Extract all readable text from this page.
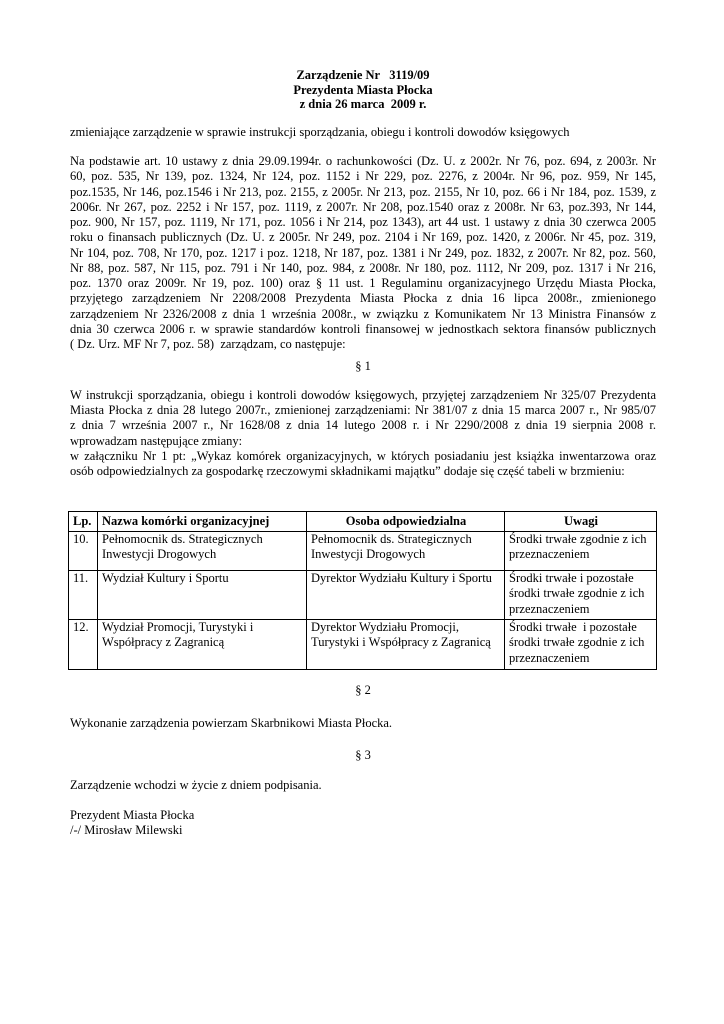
Zarządzenie Nr   3119/09
Prezydenta Miasta Płocka
z dnia 26 marca  2009 r.
zmieniające zarządzenie w sprawie instrukcji sporządzania, obiegu i kontroli dowodów księgowych
Na podstawie art. 10 ustawy z dnia 29.09.1994r. o rachunkowości (Dz. U. z 2002r. Nr 76, poz. 694, z 2003r. Nr
60, poz. 535, Nr 139, poz. 1324, Nr 124, poz. 1152 i Nr 229, poz. 2276, z 2004r. Nr 96, poz. 959, Nr 145,
poz.1535, Nr 146, poz.1546 i Nr 213, poz. 2155, z 2005r. Nr 213, poz. 2155, Nr 10, poz. 66 i Nr 184, poz. 1539, z
2006r. Nr 267, poz. 2252 i Nr 157, poz. 1119, z 2007r. Nr 208, poz.1540 oraz z 2008r. Nr 63, poz.393, Nr 144,
poz. 900, Nr 157, poz. 1119, Nr 171, poz. 1056 i Nr 214, poz 1343), art 44 ust. 1 ustawy z dnia 30 czerwca 2005
roku o finansach publicznych (Dz. U. z 2005r. Nr 249, poz. 2104 i Nr 169, poz. 1420, z 2006r. Nr 45, poz. 319,
Nr 104, poz. 708, Nr 170, poz. 1217 i poz. 1218, Nr 187, poz. 1381 i Nr 249, poz. 1832, z 2007r. Nr 82, poz. 560,
Nr 88, poz. 587, Nr 115, poz. 791 i Nr 140, poz. 984, z 2008r. Nr 180, poz. 1112, Nr 209, poz. 1317 i Nr 216,
poz. 1370 oraz 2009r. Nr 19, poz. 100) oraz § 11 ust. 1 Regulaminu organizacyjnego Urzędu Miasta Płocka,
przyjętego zarządzeniem Nr 2208/2008 Prezydenta Miasta Płocka z dnia 16 lipca 2008r., zmienionego
zarządzeniem Nr 2326/2008 z dnia 1 września 2008r., w związku z Komunikatem Nr 13 Ministra Finansów z
dnia 30 czerwca 2006 r. w sprawie standardów kontroli finansowej w jednostkach sektora finansów publicznych
( Dz. Urz. MF Nr 7, poz. 58)  zarządzam, co następuje:
§ 1
W instrukcji sporządzania, obiegu i kontroli dowodów księgowych, przyjętej zarządzeniem Nr 325/07 Prezydenta
Miasta Płocka z dnia 28 lutego 2007r., zmienionej zarządzeniami: Nr 381/07 z dnia 15 marca 2007 r., Nr 985/07
z dnia 7 września 2007 r., Nr 1628/08 z dnia 14 lutego 2008 r. i Nr 2290/2008 z dnia 19 sierpnia 2008 r.
wprowadzam następujące zmiany:
w załączniku Nr 1 pt: „Wykaz komórek organizacyjnych, w których posiadaniu jest książka inwentarzowa oraz
osób odpowiedzialnych za gospodarkę rzeczowymi składnikami majątku” dodaje się część tabeli w brzmieniu:
Lp.	Nazwa komórki organizacyjnej	Osoba odpowiedzialna	Uwagi

10.	Pełnomocnik ds. Strategicznych
Inwestycji Drogowych	Pełnomocnik ds. Strategicznych
Inwestycji Drogowych	Środki trwałe zgodnie z ich
przeznaczeniem

11.	Wydział Kultury i Sportu	Dyrektor Wydziału Kultury i Sportu	Środki trwałe i pozostałe
środki trwałe zgodnie z ich
przeznaczeniem

12.	Wydział Promocji, Turystyki i
Współpracy z Zagranicą	Dyrektor Wydziału Promocji,
Turystyki i Współpracy z Zagranicą	Środki trwałe  i pozostałe
środki trwałe zgodnie z ich
przeznaczeniem
§ 2
Wykonanie zarządzenia powierzam Skarbnikowi Miasta Płocka.
§ 3
Zarządzenie wchodzi w życie z dniem podpisania.
Prezydent Miasta Płocka
/-/ Mirosław Milewski
